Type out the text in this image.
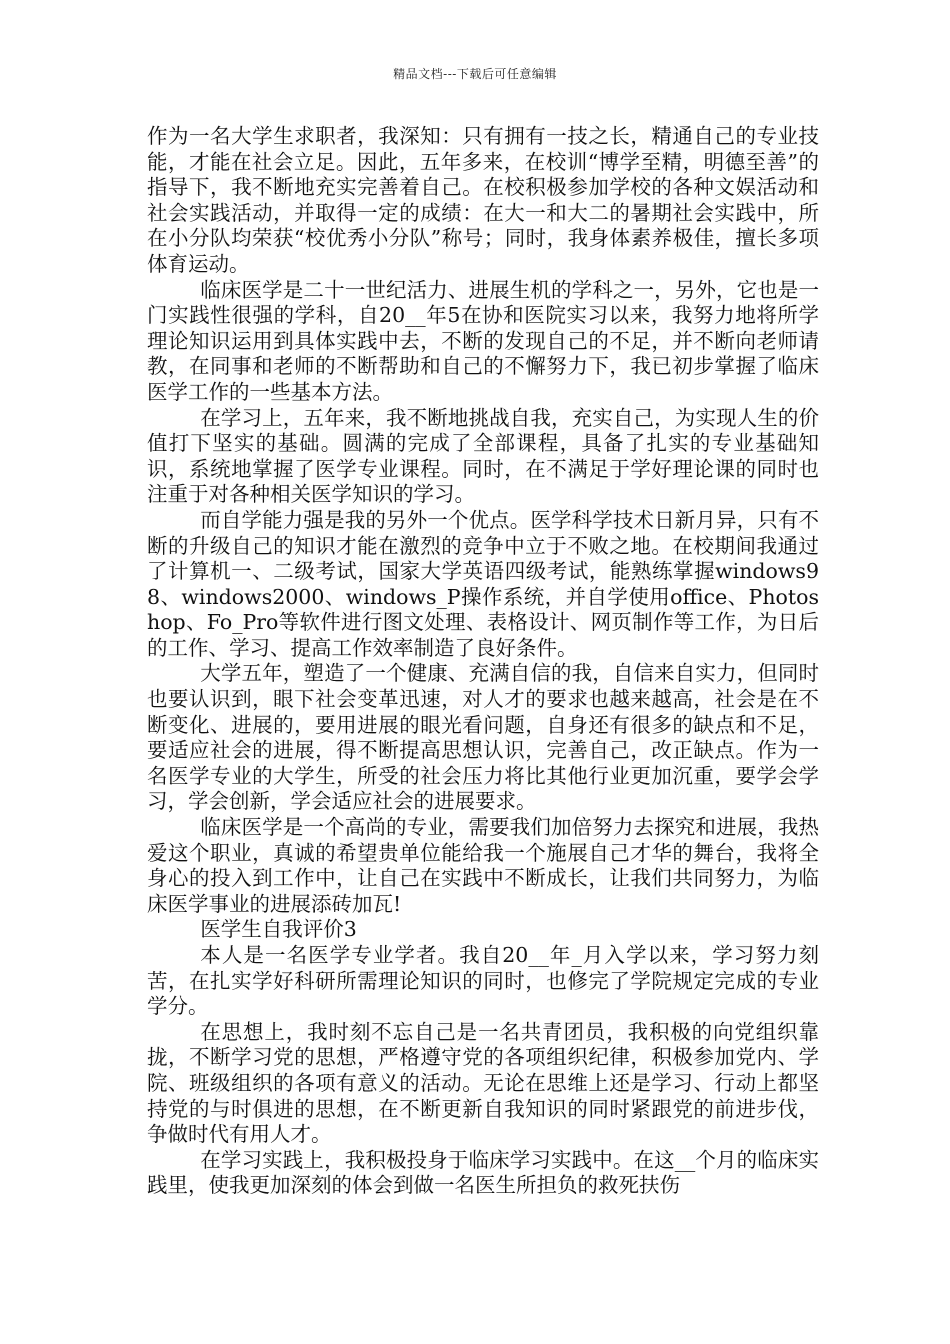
精品文档---下载后可任意编辑

作为一名大学生求职者，我深知：只有拥有一技之长，精通自己的专业技能，才能在社会立足。因此，五年多来，在校训“博学至精，明德至善”的指导下，我不断地充实完善着自己。在校积极参加学校的各种文娱活动和社会实践活动，并取得一定的成绩：在大一和大二的暑期社会实践中，所在小分队均荣获“校优秀小分队”称号；同时，我身体素养极佳，擅长多项体育运动。

临床医学是二十一世纪活力、进展生机的学科之一，另外，它也是一门实践性很强的学科，自20__年5在协和医院实习以来，我努力地将所学理论知识运用到具体实践中去，不断的发现自己的不足，并不断向老师请教，在同事和老师的不断帮助和自己的不懈努力下，我已初步掌握了临床医学工作的一些基本方法。

在学习上，五年来，我不断地挑战自我，充实自己，为实现人生的价值打下坚实的基础。圆满的完成了全部课程，具备了扎实的专业基础知识，系统地掌握了医学专业课程。同时，在不满足于学好理论课的同时也注重于对各种相关医学知识的学习。

而自学能力强是我的另外一个优点。医学科学技术日新月异，只有不断的升级自己的知识才能在激烈的竞争中立于不败之地。在校期间我通过了计算机一、二级考试，国家大学英语四级考试，能熟练掌握windows98、windows2000、windows_P操作系统，并自学使用office、Photoshop、Fo_Pro等软件进行图文处理、表格设计、网页制作等工作，为日后的工作、学习、提高工作效率制造了良好条件。

大学五年，塑造了一个健康、充满自信的我，自信来自实力，但同时也要认识到，眼下社会变革迅速，对人才的要求也越来越高，社会是在不断变化、进展的，要用进展的眼光看问题，自身还有很多的缺点和不足，要适应社会的进展，得不断提高思想认识，完善自己，改正缺点。作为一名医学专业的大学生，所受的社会压力将比其他行业更加沉重，要学会学习，学会创新，学会适应社会的进展要求。

临床医学是一个高尚的专业，需要我们加倍努力去探究和进展，我热爱这个职业，真诚的希望贵单位能给我一个施展自己才华的舞台，我将全身心的投入到工作中，让自己在实践中不断成长，让我们共同努力，为临床医学事业的进展添砖加瓦!

医学生自我评价3

本人是一名医学专业学者。我自20__年_月入学以来，学习努力刻苦，在扎实学好科研所需理论知识的同时，也修完了学院规定完成的专业学分。

在思想上，我时刻不忘自己是一名共青团员，我积极的向党组织靠拢，不断学习党的思想，严格遵守党的各项组织纪律，积极参加党内、学院、班级组织的各项有意义的活动。无论在思维上还是学习、行动上都坚持党的与时俱进的思想，在不断更新自我知识的同时紧跟党的前进步伐，争做时代有用人才。

在学习实践上，我积极投身于临床学习实践中。在这__个月的临床实践里，使我更加深刻的体会到做一名医生所担负的救死扶伤
